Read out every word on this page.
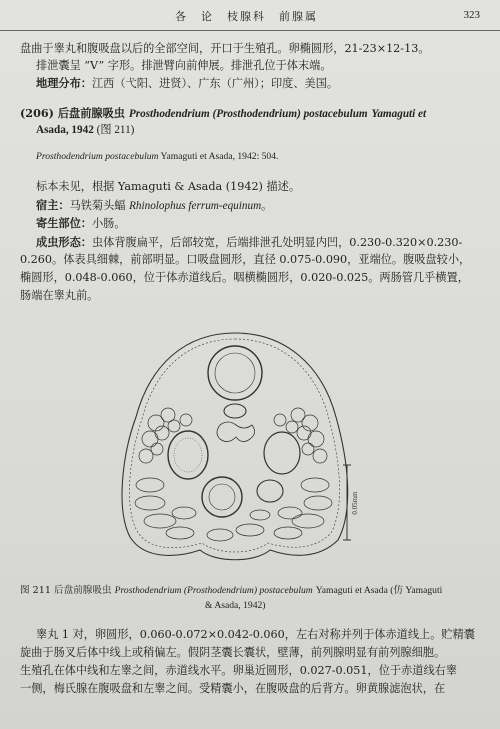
各　论　枝腺科　前腺属	323
盘曲于睾丸和腹吸盘以后的全部空间，开口于生殖孔。卵椭圆形，21-23×12-13。
排泄囊呈 “V” 字形。排泄臂向前伸展。排泄孔位于体末端。
地理分布：江西（弋阳、进贤）、广东（广州）；印度、美国。
(206) 后盘前腺吸虫 Prosthodendrium (Prosthodendrium) postacebulum Yamaguti et
Asada, 1942 (图 211)
Prosthodendrium postacebulum Yamaguti et Asada, 1942: 504.
标本未见，根据 Yamaguti & Asada (1942) 描述。
宿主：马铁菊头蝠 Rhinolophus ferrum-equinum。
寄生部位：小肠。
成虫形态：虫体背腹扁平，后部较宽，后端排泄孔处明显内凹，0.230-0.320×0.230-
0.260。体表具细棘，前部明显。口吸盘圆形，直径 0.075-0.090，亚端位。腹吸盘较小，
椭圆形，0.048-0.060，位于体赤道线后。咽横椭圆形，0.020-0.025。两肠管几乎横置，
肠端在睾丸前。
0.05mm
图 211 后盘前腺吸虫 Prosthodendrium (Prosthodendrium) postacebulum Yamaguti et Asada (仿 Yamaguti
& Asada, 1942)
睾丸 1 对，卵圆形，0.060-0.072×0.042-0.060，左右对称并列于体赤道线上。贮精囊
旋曲于肠叉后体中线上或稍偏左。假阴茎囊长囊状，壁薄，前列腺明显有前列腺细胞。
生殖孔在体中线和左睾之间，赤道线水平。卵巢近圆形，0.027-0.051，位于赤道线右睾
一侧，梅氏腺在腹吸盘和左睾之间。受精囊小，在腹吸盘的后背方。卵黄腺滤泡状，在
